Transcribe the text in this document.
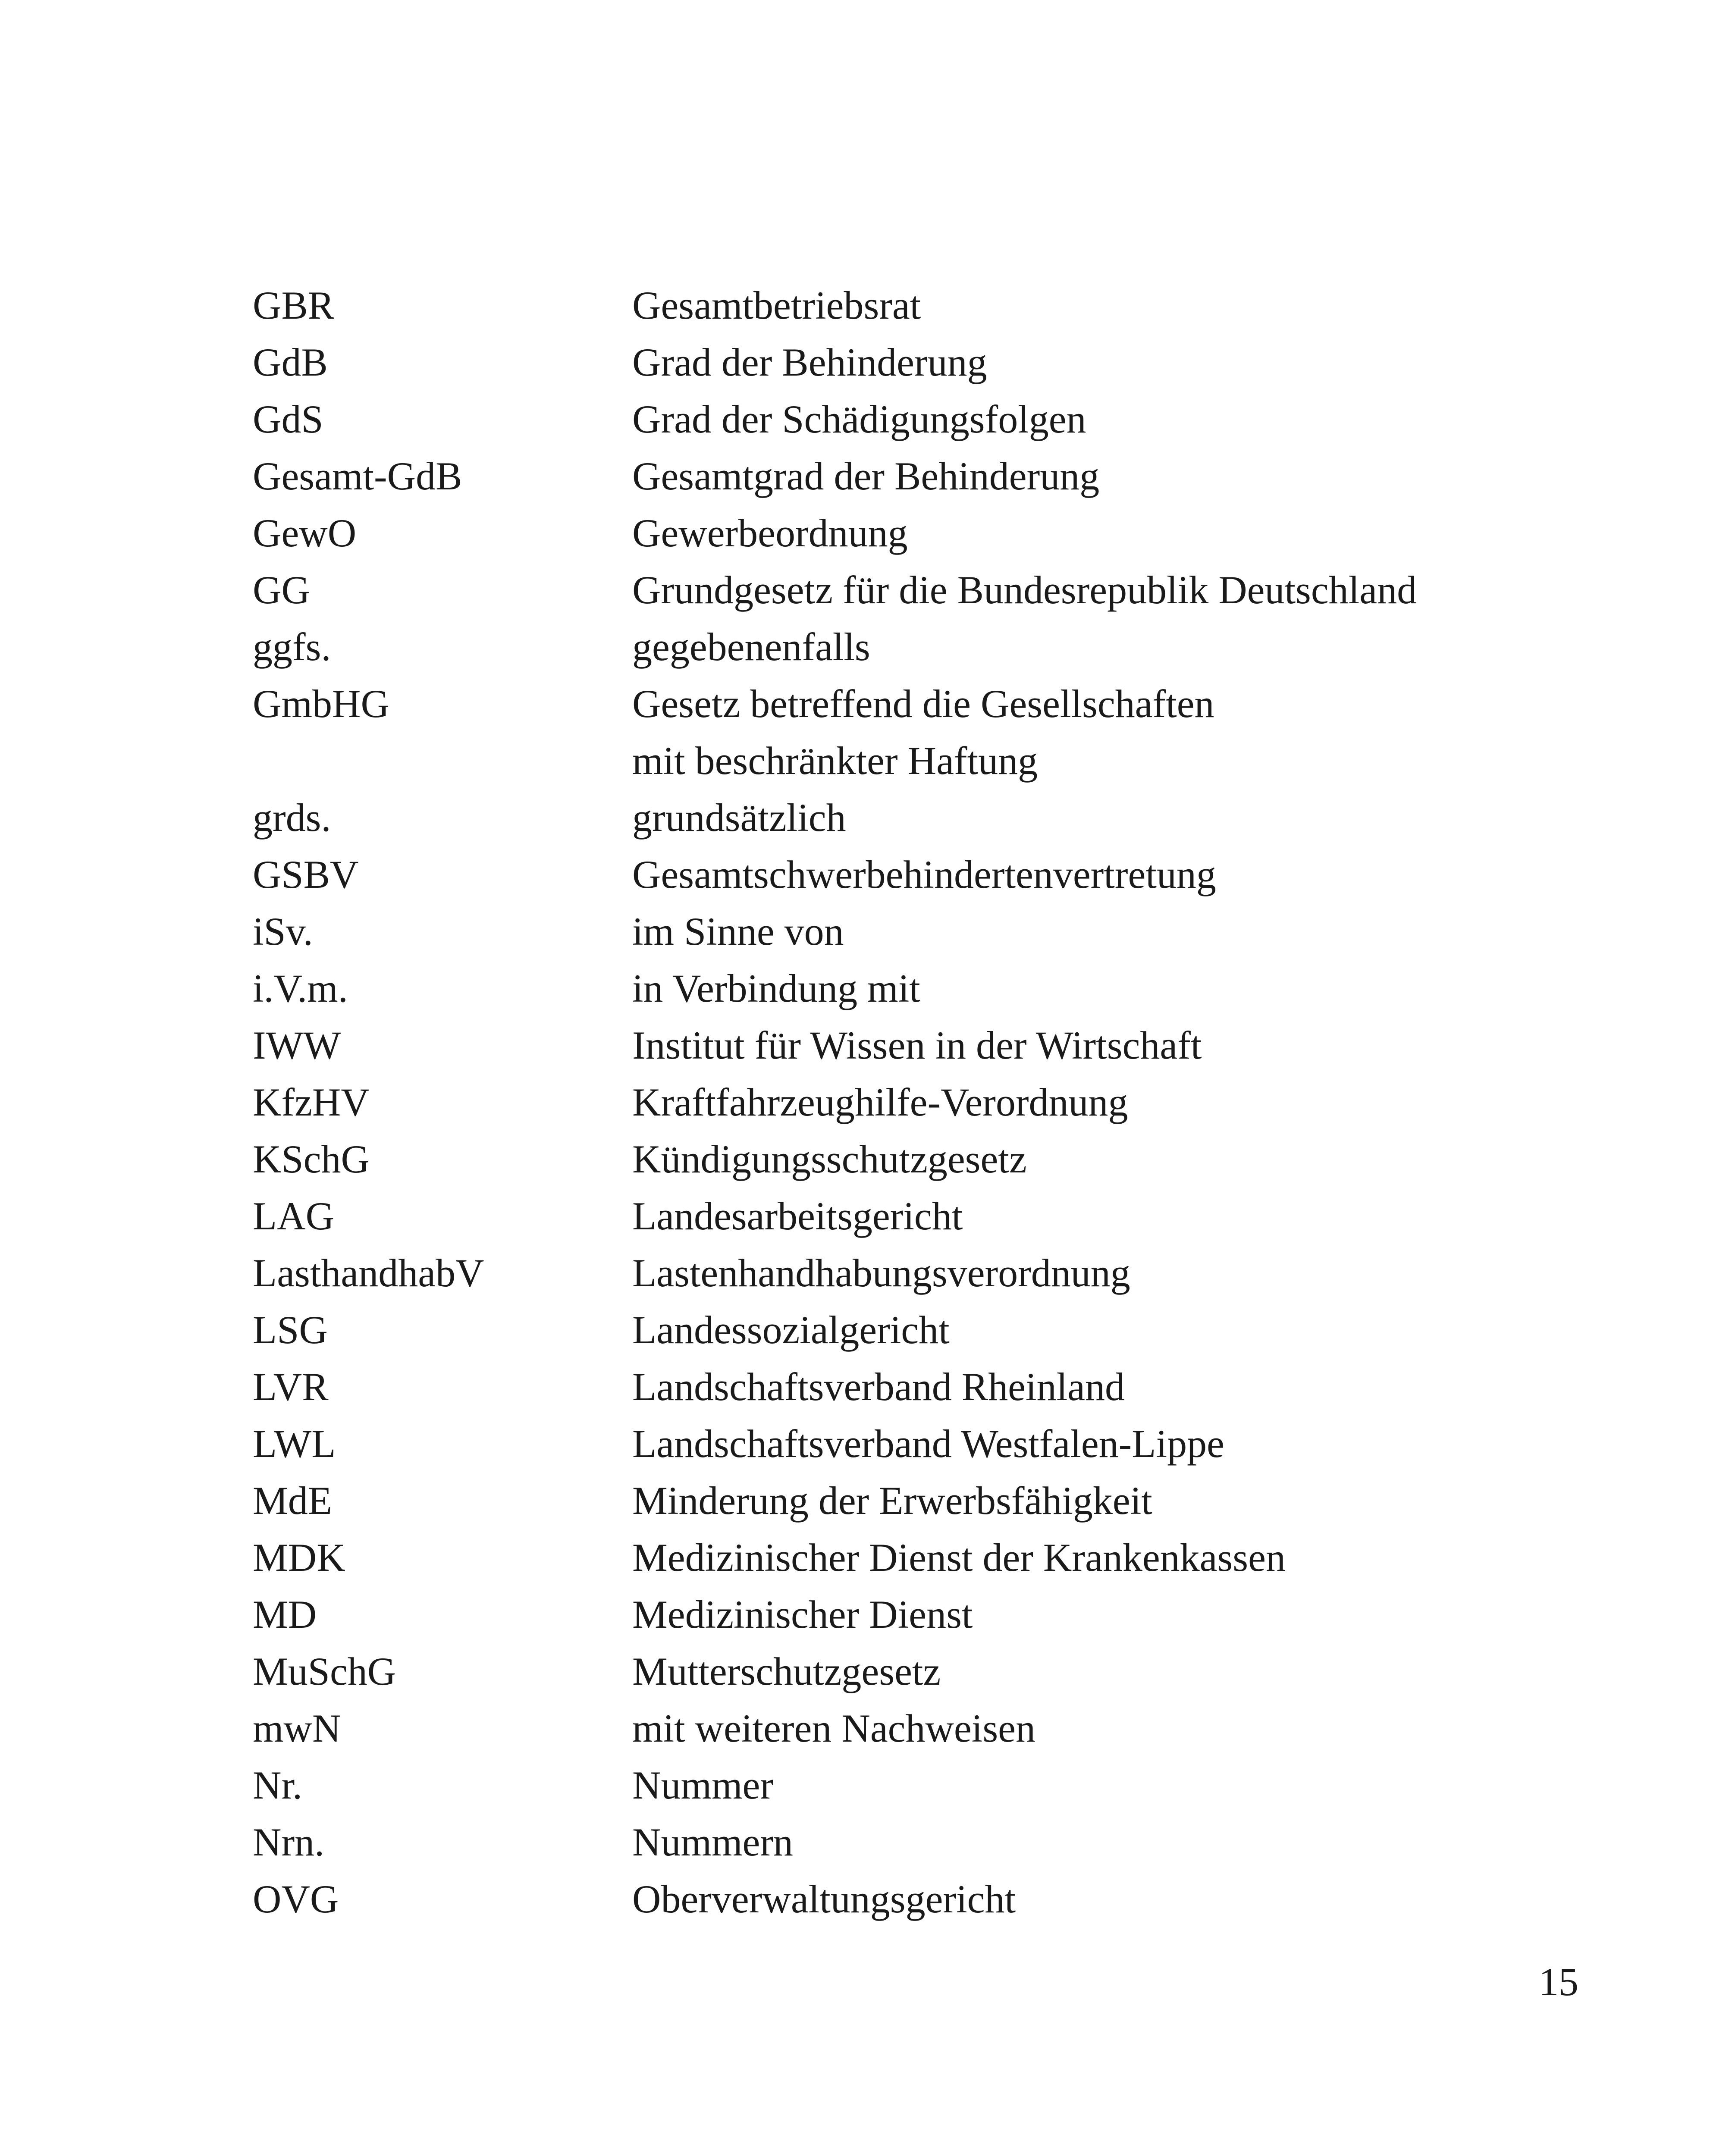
GBR	Gesamtbetriebsrat
GdB	Grad der Behinderung
GdS	Grad der Schädigungsfolgen
Gesamt-GdB	Gesamtgrad der Behinderung
GewO	Gewerbeordnung
GG	Grundgesetz für die Bundesrepublik Deutschland
ggfs.	gegebenenfalls
GmbHG	Gesetz betreffend die Gesellschaften
mit beschränkter Haftung
grds.	grundsätzlich
GSBV	Gesamtschwerbehindertenvertretung
iSv.	im Sinne von
i.V.m.	in Verbindung mit
IWW	Institut für Wissen in der Wirtschaft
KfzHV	Kraftfahrzeughilfe-Verordnung
KSchG	Kündigungsschutzgesetz
LAG	Landesarbeitsgericht
LasthandhabV	Lastenhandhabungsverordnung
LSG	Landessozialgericht
LVR	Landschaftsverband Rheinland
LWL	Landschaftsverband Westfalen-Lippe
MdE	Minderung der Erwerbsfähigkeit
MDK	Medizinischer Dienst der Krankenkassen
MD	Medizinischer Dienst
MuSchG	Mutterschutzgesetz
mwN	mit weiteren Nachweisen
Nr.	Nummer
Nrn.	Nummern
OVG	Oberverwaltungsgericht
15
